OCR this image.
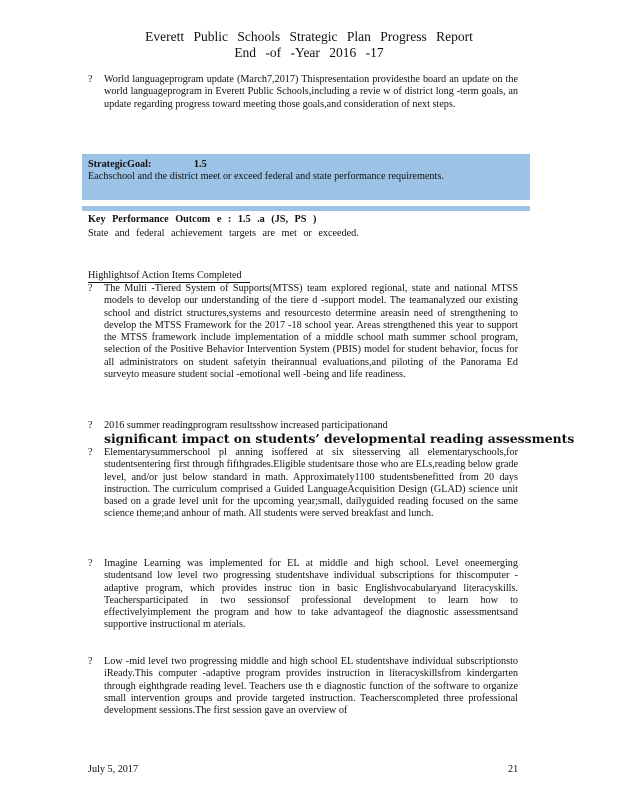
Everett Public Schools Strategic Plan Progress Report
End -of -Year 2016 -17
?	World languageprogram update (March7,2017) Thispresentation providesthe board an update on the world languageprogram in Everett Public Schools,including a revie w of district long -term goals, an update regarding progress toward meeting those goals,and consideration of next steps.
StrategicGoal:	1.5
Eachschool and the district meet or exceed federal and state performance requirements.
Key Performance Outcom e : 1.5 .a (JS, PS )
State and federal achievement targets are met or exceeded.
Highlightsof Action Items Completed
?	The Multi -Tiered System of Supports(MTSS) team explored regional, state and national MTSS models to develop our understanding of the tiere d -support model. The teamanalyzed our existing school and district structures,systems and resourcesto determine areasin need of strengthening to develop the MTSS Framework for the 2017 -18 school year. Areas strengthened this year to support the MTSS framework include implementation of a middle school math summer school program, selection of the Positive Behavior Intervention System (PBIS) model for student behavior, focus for all administrators on student safetyin theirannual evaluations,and piloting of the Panorama Ed surveyto measure student social -emotional well -being and life readiness.
?	2016 summer readingprogram resultsshow increased participationand
significant impact on students’ developmental reading assessments
?	Elementarysummerschool pl anning isoffered at six sitesserving all elementaryschools,for studentsentering first through fifthgrades.Eligible studentsare those who are ELs,reading below grade level, and/or just below standard in math. Approximately1100 studentsbenefitted from 20 days instruction. The curriculum comprised a Guided LanguageAcquisition Design (GLAD) science unit based on a grade level unit for the upcoming year;small, dailyguided reading focused on the same science theme;and anhour of math. All students were served breakfast and lunch.
?	Imagine Learning was implemented for EL at middle and high school. Level oneemerging studentsand low level two progressing studentshave individual subscriptions for thiscomputer -adaptive program, which provides instruc tion in basic Englishvocabularyand literacyskills. Teachersparticipated in two sessionsof professional development to learn how to effectivelyimplement the program and how to take advantageof the diagnostic assessmentsand supportive instructional m aterials.
?	Low -mid level two progressing middle and high school EL studentshave individual subscriptionsto iReady.This computer -adaptive program provides instruction in literacyskillsfrom kindergarten through eighthgrade reading level. Teachers use th e diagnostic function of the software to organize small intervention groups and provide targeted instruction. Teacherscompleted three professional development sessions.The first session gave an overview of
July 5, 2017	21
